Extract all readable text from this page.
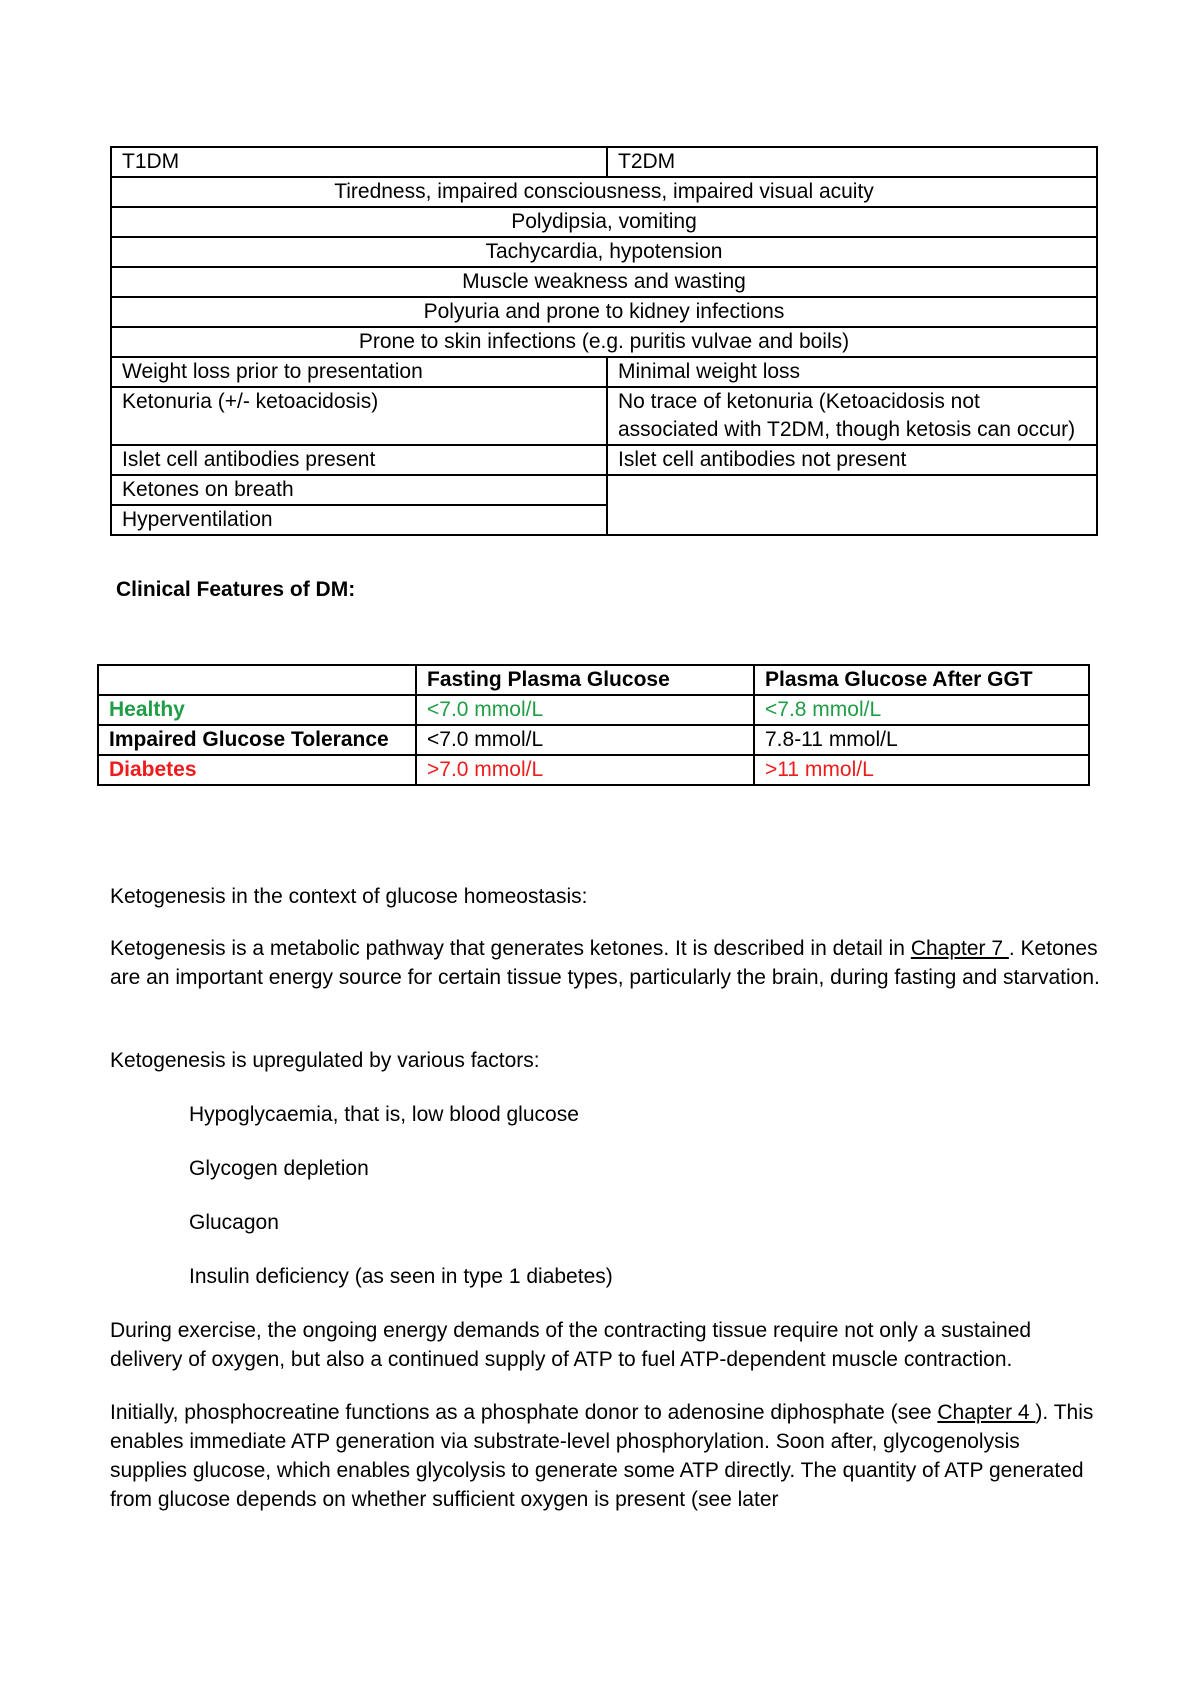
T1DM	T2DM
Tiredness, impaired consciousness, impaired visual acuity	
Polydipsia, vomiting	
Tachycardia, hypotension	
Muscle weakness and wasting	
Polyuria and prone to kidney infections	
Prone to skin infections (e.g. puritis vulvae and boils)	
Weight loss prior to presentation	Minimal weight loss
Ketonuria (+/- ketoacidosis)	No trace of ketonuria (Ketoacidosis not associated with T2DM, though ketosis can occur)
Islet cell antibodies present	Islet cell antibodies not present
Ketones on breath	
Hyperventilation	
Clinical Features of DM:
	Fasting Plasma Glucose	Plasma Glucose After GGT
Healthy	<7.0 mmol/L	<7.8 mmol/L
Impaired Glucose Tolerance	<7.0 mmol/L	7.8-11 mmol/L
Diabetes	>7.0 mmol/L	>11 mmol/L
Ketogenesis in the context of glucose homeostasis:
Ketogenesis is a metabolic pathway that generates ketones. It is described in detail in Chapter 7 . Ketones are an important energy source for certain tissue types, particularly the brain, during fasting and starvation.
Ketogenesis is upregulated by various factors:
Hypoglycaemia, that is, low blood glucose
Glycogen depletion
Glucagon
Insulin deficiency (as seen in type 1 diabetes)
During exercise, the ongoing energy demands of the contracting tissue require not only a sustained delivery of oxygen, but also a continued supply of ATP to fuel ATP-dependent muscle contraction.
Initially, phosphocreatine functions as a phosphate donor to adenosine diphosphate (see Chapter 4 ). This enables immediate ATP generation via substrate-level phosphorylation. Soon after, glycogenolysis supplies glucose, which enables glycolysis to generate some ATP directly. The quantity of ATP generated from glucose depends on whether sufficient oxygen is present (see later
